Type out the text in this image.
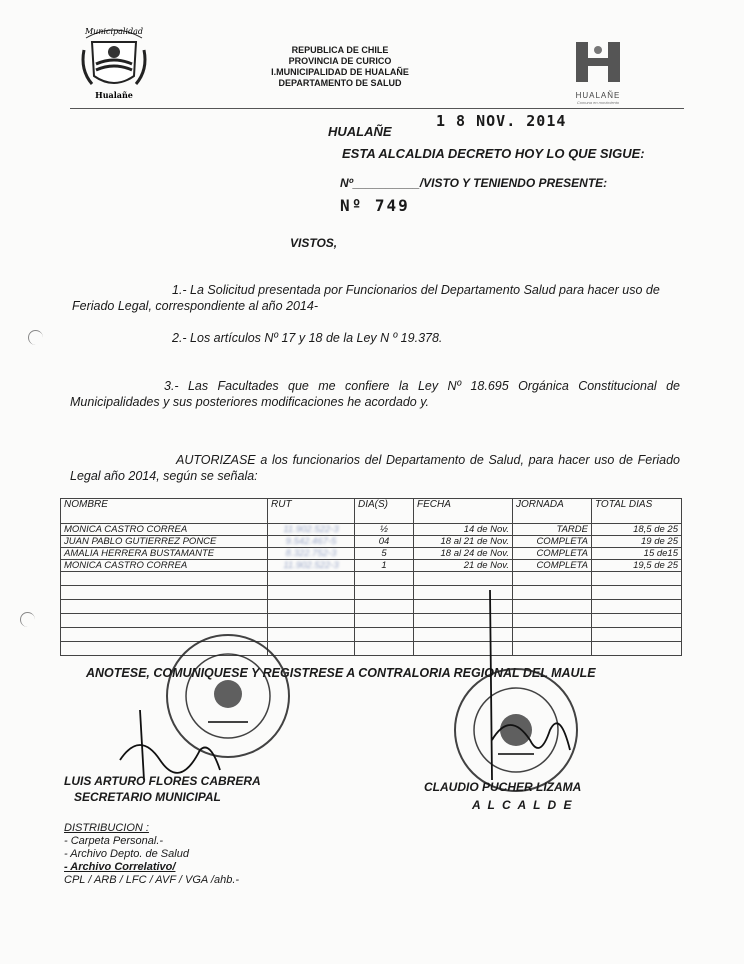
Municipalidad
Hualañe
REPUBLICA DE CHILE
PROVINCIA DE CURICO
I.MUNICIPALIDAD DE HUALAÑE
DEPARTAMENTO DE SALUD
HUALAÑE
Comuna en movimiento
1 8 NOV. 2014
HUALAÑE
ESTA ALCALDIA DECRETO HOY LO QUE SIGUE:
Nº__________/VISTO Y TENIENDO PRESENTE:
Nº 749
VISTOS,
1.- La Solicitud presentada por Funcionarios del Departamento Salud para hacer uso de Feriado Legal, correspondiente al año 2014-
2.- Los artículos Nº 17 y 18 de la Ley N º 19.378.
3.- Las Facultades que me confiere la Ley Nº 18.695 Orgánica Constitucional de Municipalidades y sus posteriores modificaciones he acordado y.
AUTORIZASE a los funcionarios del Departamento de Salud, para hacer uso de Feriado Legal año 2014, según se señala:
NOMBRE	RUT	DIA(S)	FECHA	JORNADA	TOTAL DIAS
MONICA CASTRO CORREA	11.902.522-3	½	14 de Nov.	TARDE	18,5 de 25
JUAN PABLO GUTIERREZ PONCE	9.542.467-5	04	18 al 21 de Nov.	COMPLETA	19 de 25
AMALIA HERRERA BUSTAMANTE	8.322.752-3	5	18 al 24 de Nov.	COMPLETA	15 de15
MONICA CASTRO CORREA	11.902.522-3	1	21 de Nov.	COMPLETA	19,5 de 25

ANOTESE, COMUNIQUESE Y REGISTRESE A CONTRALORIA REGIONAL DEL MAULE
LUIS ARTURO FLORES CABRERA
SECRETARIO MUNICIPAL
CLAUDIO PUCHER LIZAMA
A L C A L D E
DISTRIBUCION :
- Carpeta Personal.-
- Archivo Depto. de Salud
- Archivo Correlativo/
CPL / ARB / LFC / AVF / VGA /ahb.-
